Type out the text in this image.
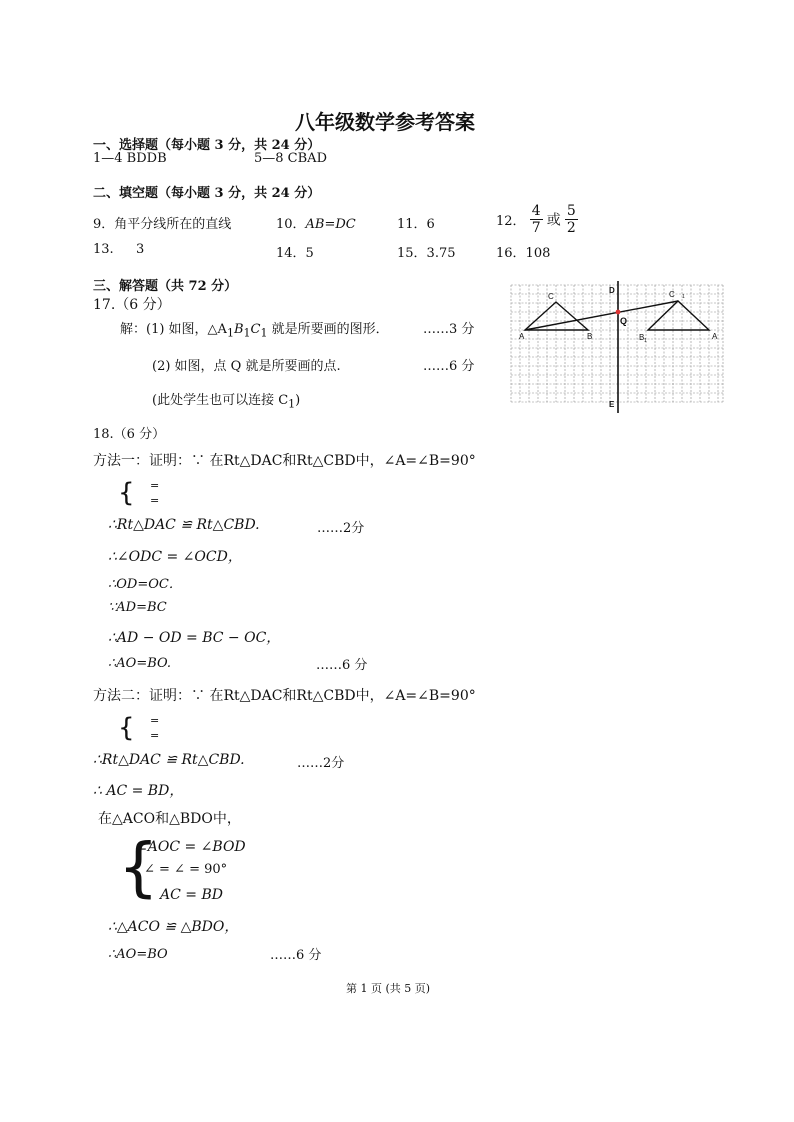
八年级数学参考答案
一、选择题（每小题 3 分，共 24 分）
1—4 BDDB	5—8 CBAD
二、填空题（每小题 3 分，共 24 分）
9．角平分线所在的直线	10．AB=DC	11．6	12． $\frac{4}{7}$ 或 $\frac{5}{2}$
13. 3	14．5	15．3.75	16．108
三、解答题（共 72 分）
17.（6 分）
解：(1) 如图，$\triangle A_1B_1C_1$ 就是所要画的图形．	……3 分
(2) 如图，点 Q 就是所要画的点.	……6 分
(此处学生也可以连接 $C_1$)
C
A	B
D
Q
C 1
B 1	A
E
18.（6 分）
方法一：证明：∵ 在Rt△DAC和Rt△CBD中，∠A=∠B=90°
{ =
=
∴Rt△DAC ≌ Rt△CBD.	……2分
∴∠ODC = ∠OCD，
∴OD=OC．
∵AD=BC
∴AD − OD = BC − OC，
∴AO=BO.	……6 分
方法二：证明：∵ 在Rt△DAC和Rt△CBD中，∠A=∠B=90°
{ =
=
∴Rt△DAC ≌ Rt△CBD.	……2分
∴ AC = BD，
在△ACO和△BDO中，
{
∠AOC = ∠BOD
∠ = ∠ = 90°
AC = BD
∴△ACO ≌ △BDO，
∴AO=BO	……6 分
第 1 页 (共 5 页)
